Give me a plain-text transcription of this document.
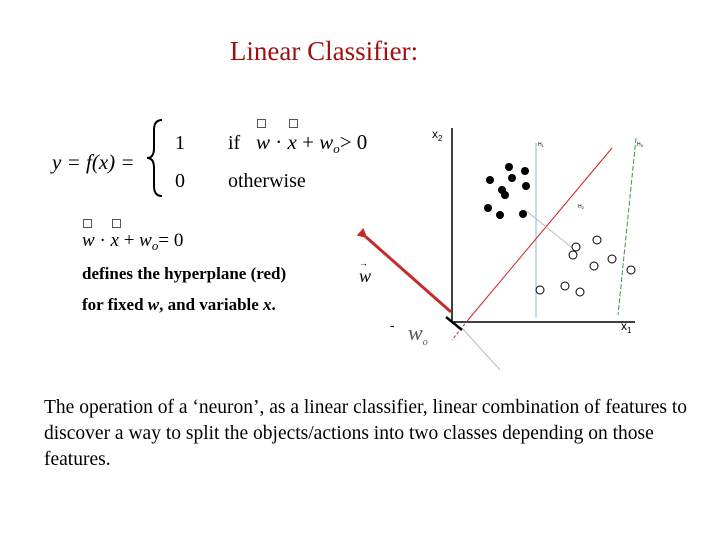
Linear Classifier:
y = f(x) =
1 if $w \cdot x + w_o> 0$
0 otherwise
$w \cdot x + w_o= 0$
defines the hyperplane (red)
for fixed w, and variable x.
$x_2$
$x_1$
w
→
$w_o$
-
$H_1$
$H_2$
$H_3$
The operation of a ‘neuron’, as a linear classifier, linear combination of features to discover a way to split the objects/actions into two classes depending on those features.
